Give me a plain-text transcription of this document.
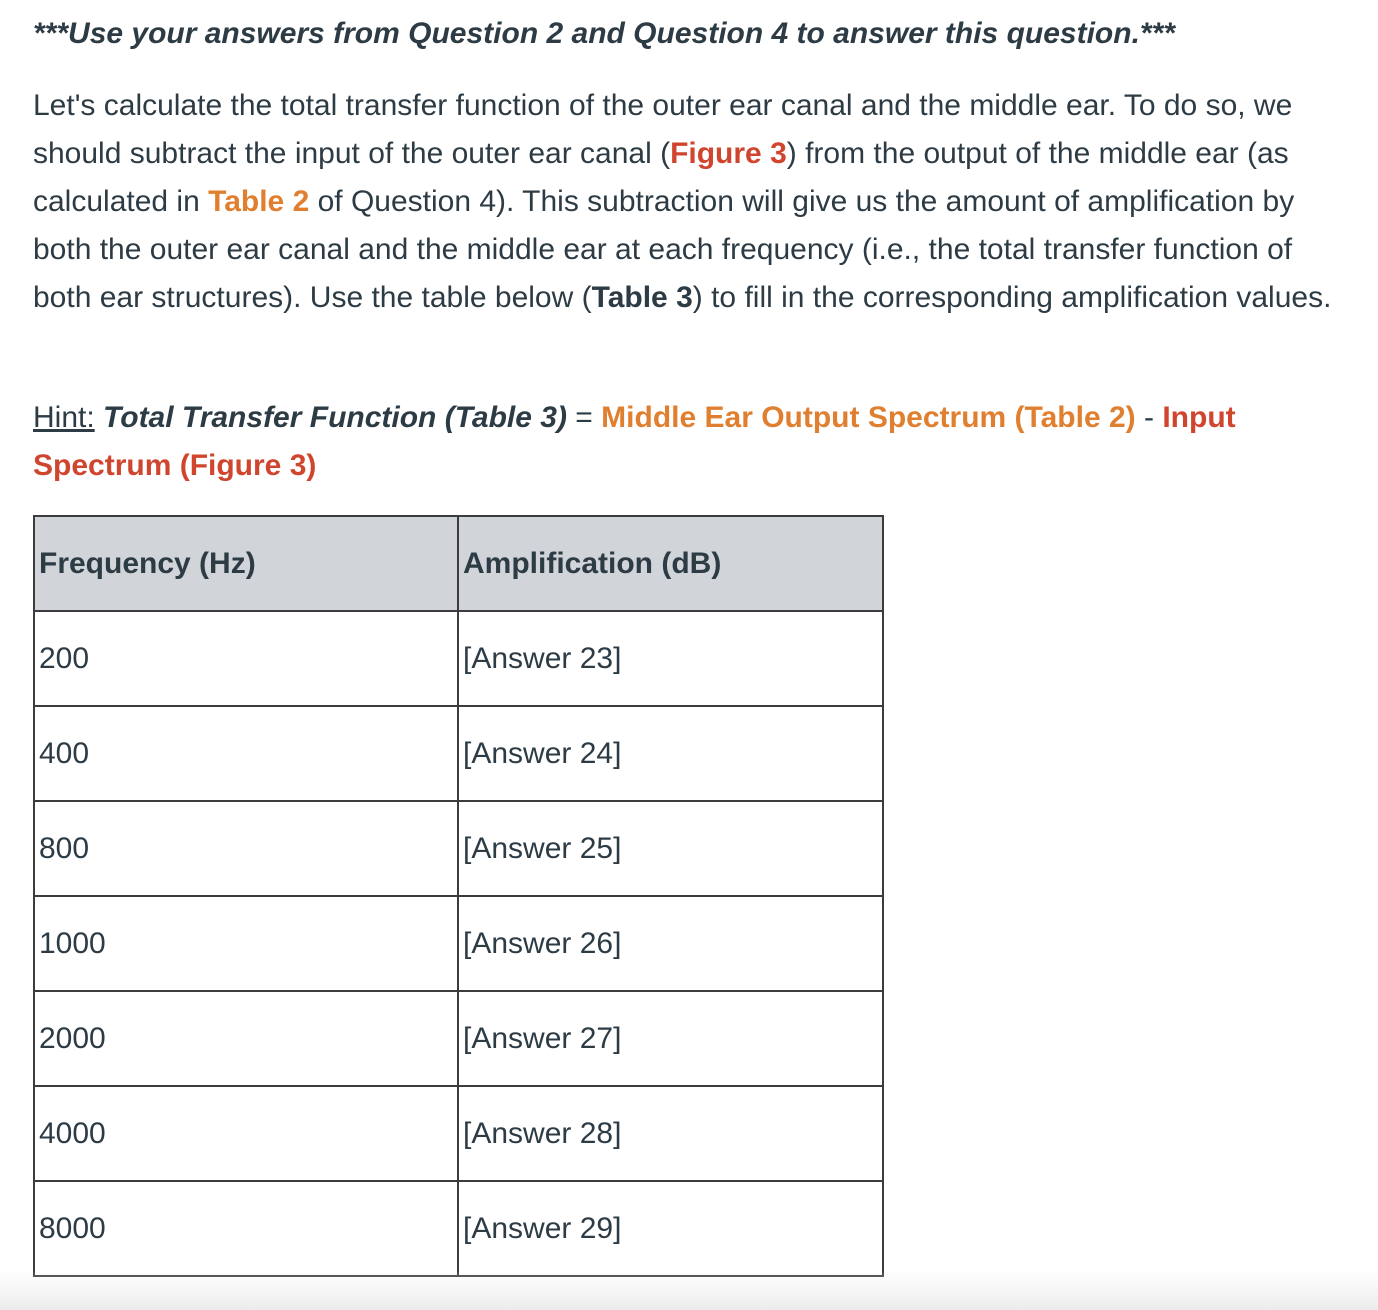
***Use your answers from Question 2 and Question 4 to answer this question.***

Let's calculate the total transfer function of the outer ear canal and the middle ear. To do so, we should subtract the input of the outer ear canal (Figure 3) from the output of the middle ear (as calculated in Table 2 of Question 4). This subtraction will give us the amount of amplification by both the outer ear canal and the middle ear at each frequency (i.e., the total transfer function of both ear structures). Use the table below (Table 3) to fill in the corresponding amplification values.

Hint: Total Transfer Function (Table 3) = Middle Ear Output Spectrum (Table 2) - Input Spectrum (Figure 3)

Frequency (Hz)	Amplification (dB)
200	[Answer 23]
400	[Answer 24]
800	[Answer 25]
1000	[Answer 26]
2000	[Answer 27]
4000	[Answer 28]
8000	[Answer 29]
